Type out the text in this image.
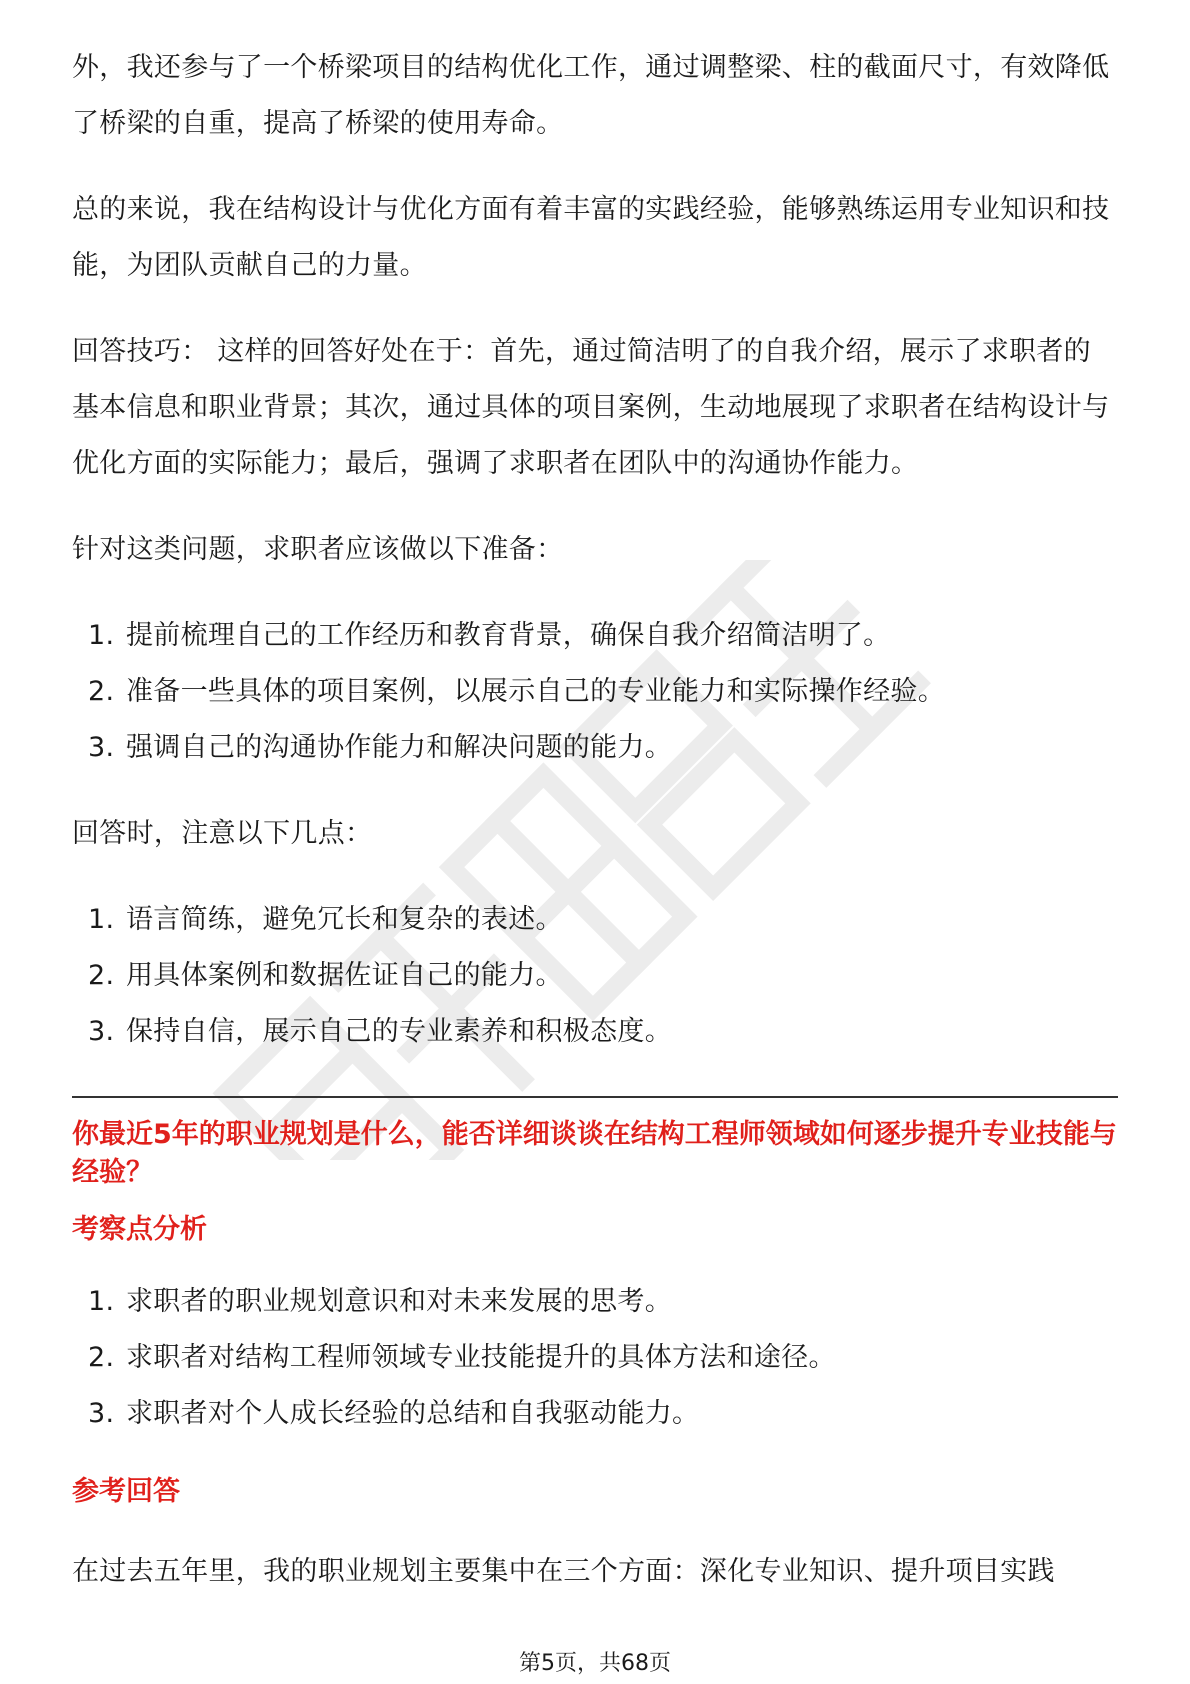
外，我还参与了一个桥梁项目的结构优化工作，通过调整梁、柱的截面尺寸，有效降低了桥梁的自重，提高了桥梁的使用寿命。

总的来说，我在结构设计与优化方面有着丰富的实践经验，能够熟练运用专业知识和技能，为团队贡献自己的力量。

回答技巧： 这样的回答好处在于：首先，通过简洁明了的自我介绍，展示了求职者的基本信息和职业背景；其次，通过具体的项目案例，生动地展现了求职者在结构设计与优化方面的实际能力；最后，强调了求职者在团队中的沟通协作能力。

针对这类问题，求职者应该做以下准备：

1. 提前梳理自己的工作经历和教育背景，确保自我介绍简洁明了。
2. 准备一些具体的项目案例，以展示自己的专业能力和实际操作经验。
3. 强调自己的沟通协作能力和解决问题的能力。

回答时，注意以下几点：

1. 语言简练，避免冗长和复杂的表述。
2. 用具体案例和数据佐证自己的能力。
3. 保持自信，展示自己的专业素养和积极态度。

你最近5年的职业规划是什么，能否详细谈谈在结构工程师领域如何逐步提升专业技能与经验？

考察点分析

1. 求职者的职业规划意识和对未来发展的思考。
2. 求职者对结构工程师领域专业技能提升的具体方法和途径。
3. 求职者对个人成长经验的总结和自我驱动能力。

参考回答

在过去五年里，我的职业规划主要集中在三个方面：深化专业知识、提升项目实践

第5页，共68页
